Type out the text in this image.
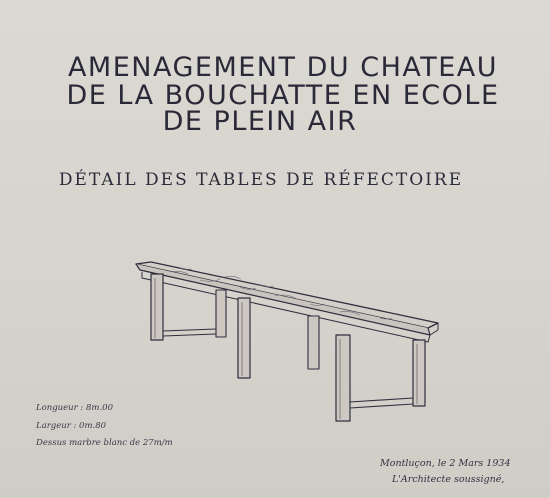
AMENAGEMENT DU CHATEAU
DE LA BOUCHATTE EN ECOLE
DE PLEIN AIR
DÉTAIL DES TABLES DE RÉFECTOIRE
Longueur : 8m.00
Largeur : 0m.80
Dessus marbre blanc de 27m/m
Montluçon, le 2 Mars 1934
L'Architecte soussigné,
